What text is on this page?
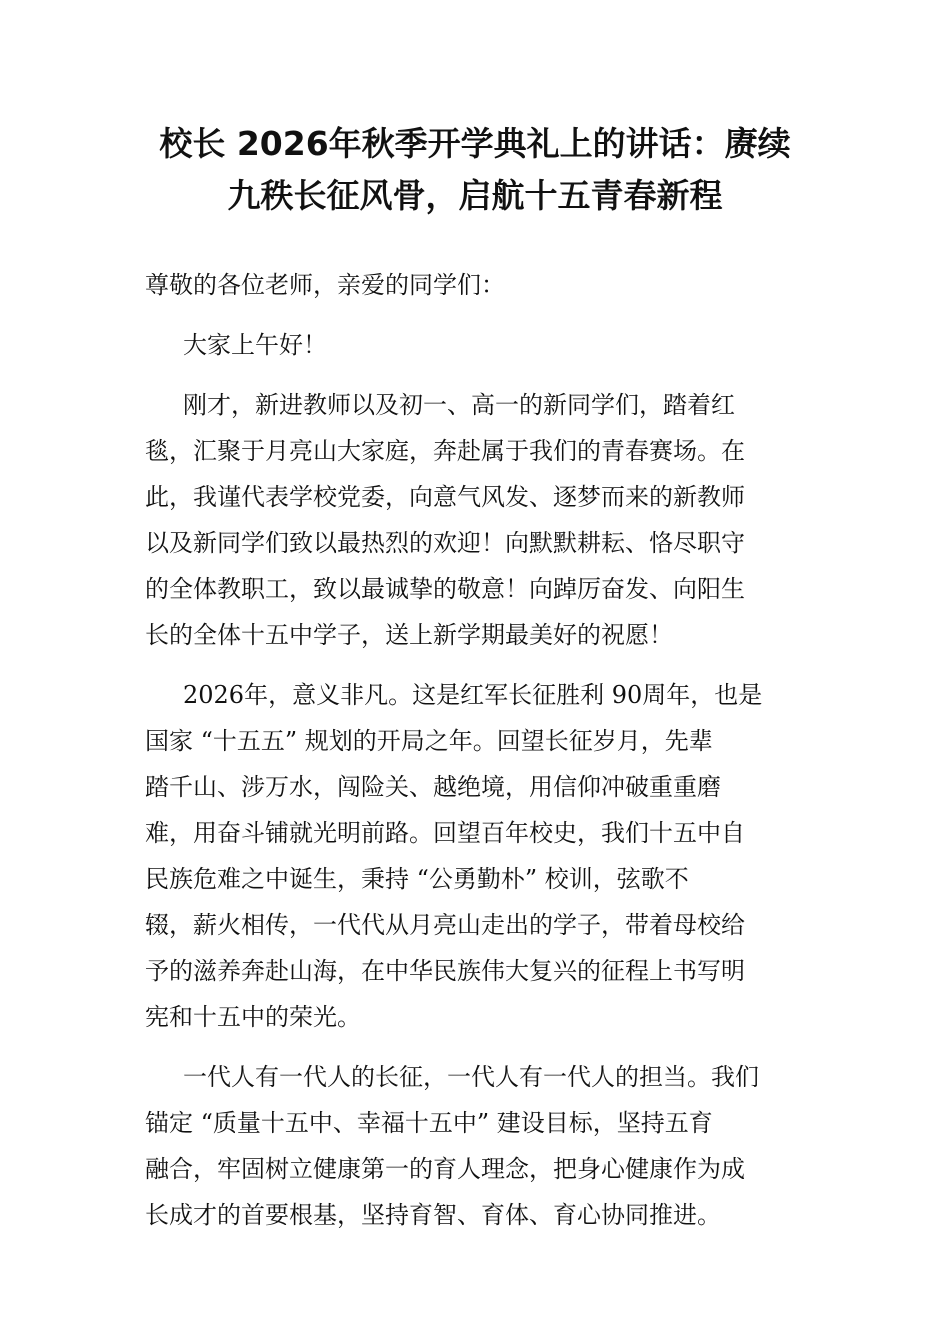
校长 2026年秋季开学典礼上的讲话：赓续
九秩长征风骨，启航十五青春新程

尊敬的各位老师，亲爱的同学们：

大家上午好！

刚才，新进教师以及初一、高一的新同学们，踏着红
毯，汇聚于月亮山大家庭，奔赴属于我们的青春赛场。在
此，我谨代表学校党委，向意气风发、逐梦而来的新教师
以及新同学们致以最热烈的欢迎！向默默耕耘、恪尽职守
的全体教职工，致以最诚挚的敬意！向踔厉奋发、向阳生
长的全体十五中学子，送上新学期最美好的祝愿！

2026年，意义非凡。这是红军长征胜利 90周年，也是
国家 “十五五” 规划的开局之年。回望长征岁月，先辈
踏千山、涉万水，闯险关、越绝境，用信仰冲破重重磨
难，用奋斗铺就光明前路。回望百年校史，我们十五中自
民族危难之中诞生，秉持 “公勇勤朴” 校训，弦歌不
辍，薪火相传，一代代从月亮山走出的学子，带着母校给
予的滋养奔赴山海，在中华民族伟大复兴的征程上书写明
宪和十五中的荣光。

一代人有一代人的长征，一代人有一代人的担当。我们
锚定 “质量十五中、幸福十五中” 建设目标，坚持五育
融合，牢固树立健康第一的育人理念，把身心健康作为成
长成才的首要根基，坚持育智、育体、育心协同推进。
